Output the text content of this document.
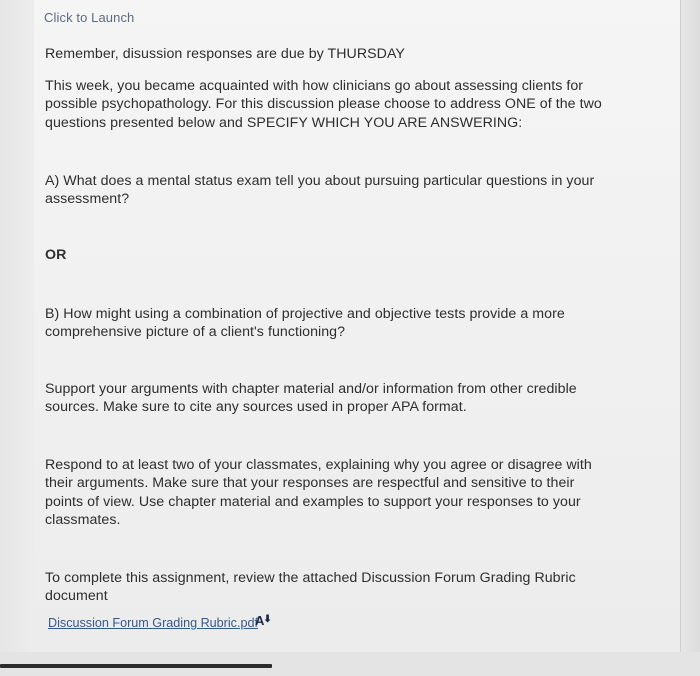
Click to Launch
Remember, disussion responses are due by THURSDAY
This week, you became acquainted with how clinicians go about assessing clients for
possible psychopathology. For this discussion please choose to address ONE of the two
questions presented below and SPECIFY WHICH YOU ARE ANSWERING:
A) What does a mental status exam tell you about pursuing particular questions in your
assessment?
OR
B) How might using a combination of projective and objective tests provide a more
comprehensive picture of a client's functioning?
Support your arguments with chapter material and/or information from other credible
sources. Make sure to cite any sources used in proper APA format.
Respond to at least two of your classmates, explaining why you agree or disagree with
their arguments. Make sure that your responses are respectful and sensitive to their
points of view. Use chapter material and examples to support your responses to your
classmates.
To complete this assignment, review the attached Discussion Forum Grading Rubric
document
Discussion Forum Grading Rubric.pdf
A⬇
